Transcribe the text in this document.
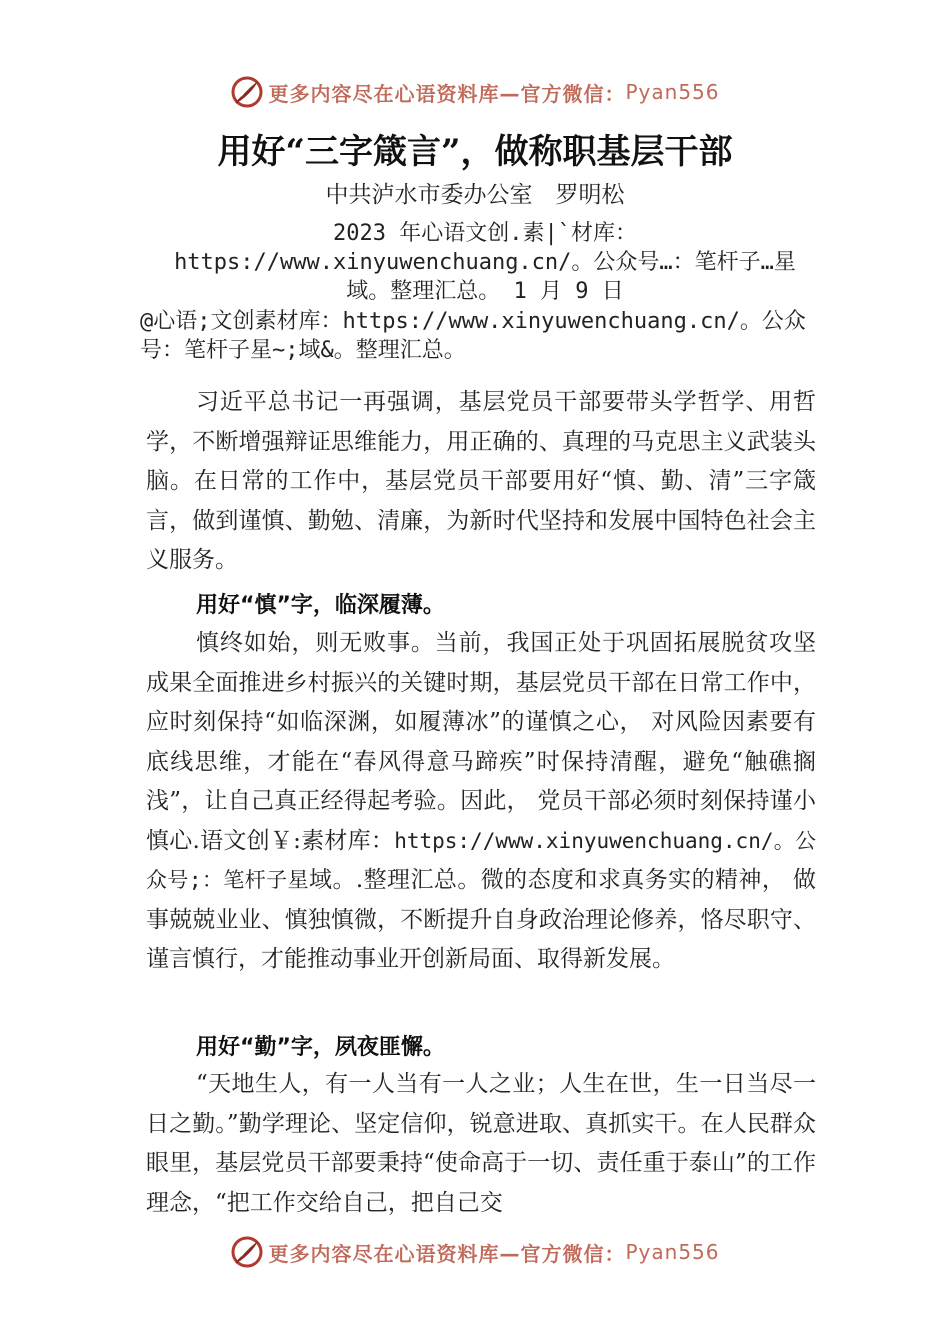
更多内容尽在心语资料库—官方微信： Pyan556
用好“三字箴言”，做称职基层干部
中共泸水市委办公室　罗明松
2023 年心语文创.素|`材库：
https://www.xinyuwenchuang.cn/。公众号…：笔杆子…星
域。整理汇总。 1 月 9 日
@心语;文创素材库：https://www.xinyuwenchuang.cn/。公众
号：笔杆子星~;域&。整理汇总。
习近平总书记一再强调，基层党员干部要带头学哲学、用哲学，不断增强辩证思维能力，用正确的、真理的马克思主义武装头脑。在日常的工作中，基层党员干部要用好“慎、勤、清”三字箴言，做到谨慎、勤勉、清廉，为新时代坚持和发展中国特色社会主义服务。
用好“慎”字，临深履薄。
慎终如始，则无败事。当前，我国正处于巩固拓展脱贫攻坚成果全面推进乡村振兴的关键时期，基层党员干部在日常工作中，应时刻保持“如临深渊，如履薄冰”的谨慎之心， 对风险因素要有底线思维，才能在“春风得意马蹄疾”时保持清醒，避免“触礁搁浅”，让自己真正经得起考验。因此， 党员干部必须时刻保持谨小慎心.语文创￥:素材库：https://www.xinyuwenchuang.cn/。公众号;：笔杆子星域。.整理汇总。微的态度和求真务实的精神， 做事兢兢业业、慎独慎微，不断提升自身政治理论修养，恪尽职守、谨言慎行，才能推动事业开创新局面、取得新发展。
用好“勤”字，夙夜匪懈。
“天地生人，有一人当有一人之业；人生在世，生一日当尽一日之勤。”勤学理论、坚定信仰，锐意进取、真抓实干。在人民群众眼里，基层党员干部要秉持“使命高于一切、责任重于泰山”的工作理念，“把工作交给自己，把自己交
更多内容尽在心语资料库—官方微信： Pyan556
